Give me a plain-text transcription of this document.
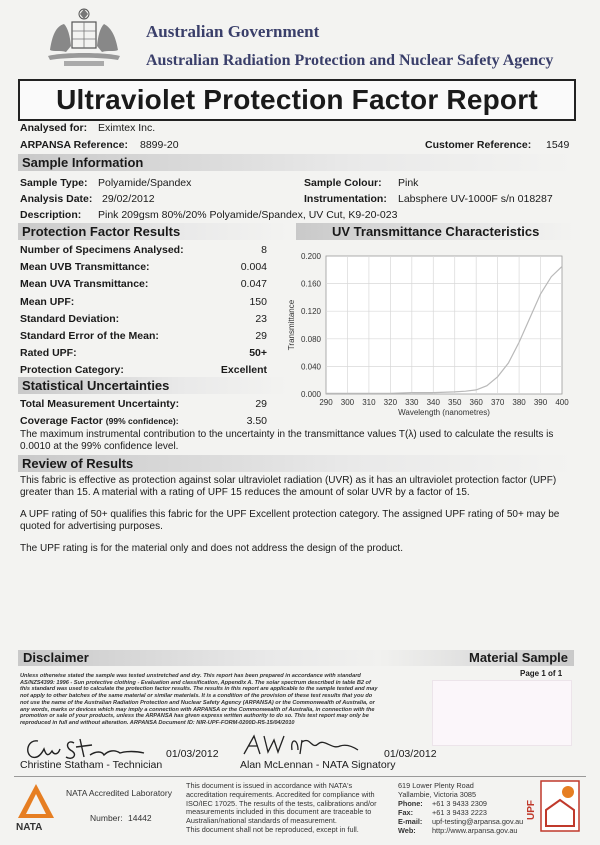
Australian Government
Australian Radiation Protection and Nuclear Safety Agency
Ultraviolet Protection Factor Report
Analysed for: Eximtex Inc.
ARPANSA Reference: 8899-20	Customer Reference: 1549
Sample Information
Sample Type: Polyamide/Spandex	Sample Colour: Pink
Analysis Date: 29/02/2012	Instrumentation: Labsphere UV-1000F s/n 018287
Description: Pink 209gsm 80%/20% Polyamide/Spandex, UV Cut, K9-20-023
Protection Factor Results
Number of Specimens Analysed:	8
Mean UVB Transmittance:	0.004
Mean UVA Transmittance:	0.047
Mean UPF:	150
Standard Deviation:	23
Standard Error of the Mean:	29
Rated UPF:	50+
Protection Category:	Excellent
UV Transmittance Characteristics
0.000
0.040
0.080
0.120
0.160
0.200
290 300 310 320 330 340 350 360 370 380 390 400
Wavelength (nanometres)
Transmittance
Statistical Uncertainties
Total Measurement Uncertainty:	29
Coverage Factor (99% confidence):	3.50
The maximum instrumental contribution to the uncertainty in the transmittance values T(λ) used to calculate the results is 0.0010 at the 99% confidence level.
Review of Results
This fabric is effective as protection against solar ultraviolet radiation (UVR) as it has an ultraviolet protection factor (UPF) greater than 15. A material with a rating of UPF 15 reduces the amount of solar UVR by a factor of 15.
A UPF rating of 50+ qualifies this fabric for the UPF Excellent protection category. The assigned UPF rating of 50+ may be quoted for advertising purposes.
The UPF rating is for the material only and does not address the design of the product.
Disclaimer	Material Sample
Unless otherwise stated the sample was tested unstretched and dry. This report has been prepared in accordance with standard AS/NZS4399: 1996 - Sun protective clothing - Evaluation and classification, Appendix A. The solar spectrum described in table B2 of this standard was used to calculate the protection factor results. The results in this report are applicable to the sample tested and may not apply to other batches of the same material or similar materials. It is a condition of the provision of these test results that you do not use the name of the Australian Radiation Protection and Nuclear Safety Agency (ARPANSA) or the Commonwealth of Australia, or any words, marks or devices which may imply a connection with ARPANSA or the Commonwealth of Australia, in connection with the promotion or sale of your products, unless the ARPANSA has given express written authority to do so. This test report may only be reproduced in full and without alteration. ARPANSA Document ID: NIR-UPF-FORM-0200D-R5-15/04/2010
Page 1 of 1
01/03/2012
Christine Statham - Technician
01/03/2012
Alan McLennan - NATA Signatory
NATA
NATA Accredited Laboratory
Number: 14442
This document is issued in accordance with NATA's
accreditation requirements. Accredited for compliance with
ISO/IEC 17025. The results of the tests, calibrations and/or
measurements included in this document are traceable to
Australian/national standards of measurement.
This document shall not be reproduced, except in full.
619 Lower Plenty Road
Yallambie, Victoria 3085
Phone: +61 3 9433 2309
Fax:	+61 3 9433 2223
E-mail: upf-testing@arpansa.gov.au
Web: http://www.arpansa.gov.au
UPF
